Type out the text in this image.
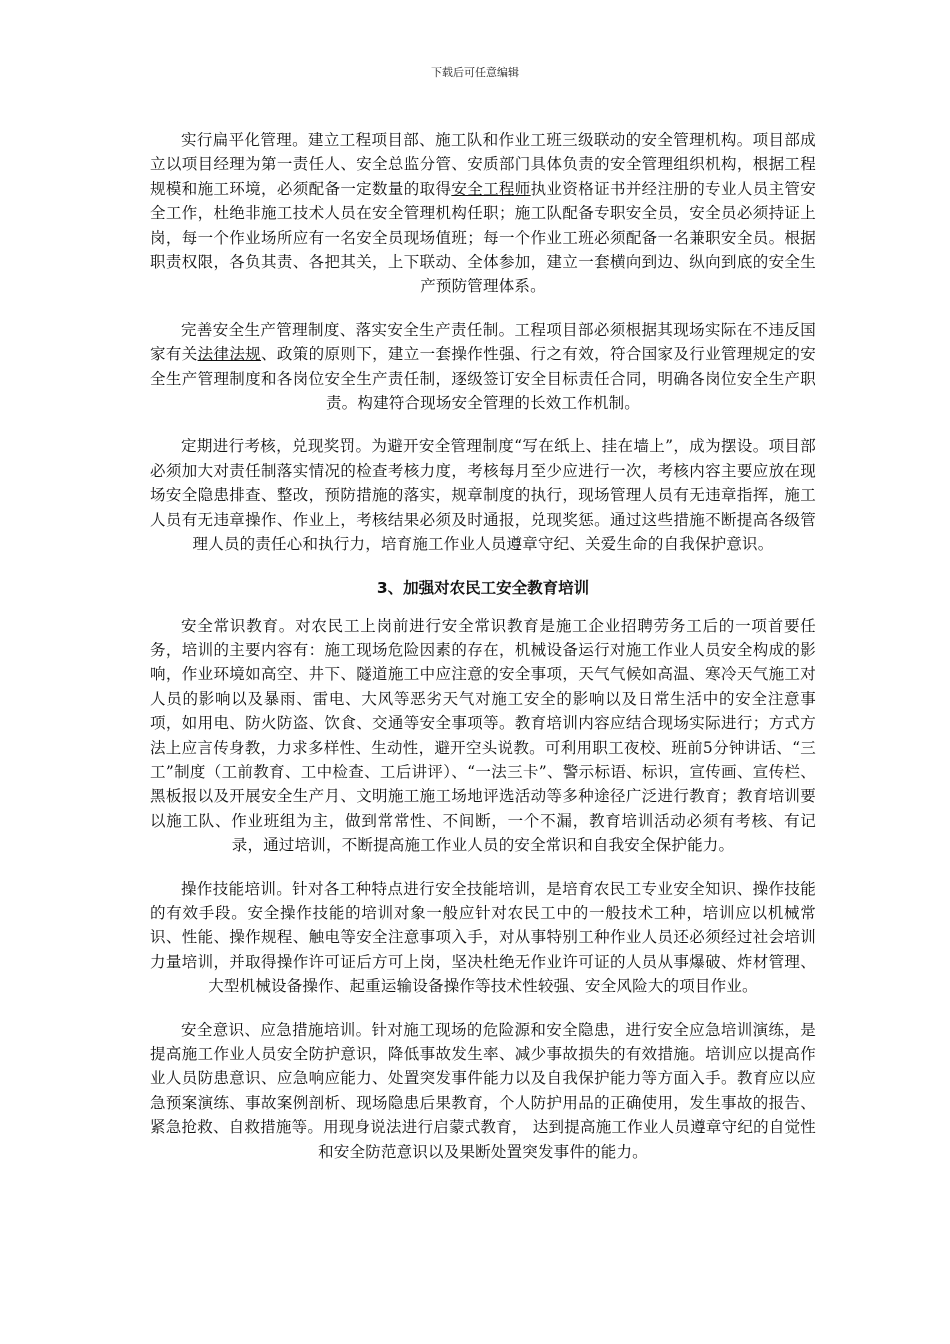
下载后可任意编辑

实行扁平化管理。建立工程项目部、施工队和作业工班三级联动的安全管理机构。项目部成立以项目经理为第一责任人、安全总监分管、安质部门具体负责的安全管理组织机构，根据工程规模和施工环境，必须配备一定数量的取得安全工程师执业资格证书并经注册的专业人员主管安全工作，杜绝非施工技术人员在安全管理机构任职；施工队配备专职安全员，安全员必须持证上岗，每一个作业场所应有一名安全员现场值班；每一个作业工班必须配备一名兼职安全员。根据职责权限，各负其责、各把其关，上下联动、全体参加，建立一套横向到边、纵向到底的安全生产预防管理体系。

完善安全生产管理制度、落实安全生产责任制。工程项目部必须根据其现场实际在不违反国家有关法律法规、政策的原则下，建立一套操作性强、行之有效，符合国家及行业管理规定的安全生产管理制度和各岗位安全生产责任制，逐级签订安全目标责任合同，明确各岗位安全生产职责。构建符合现场安全管理的长效工作机制。

定期进行考核，兑现奖罚。为避开安全管理制度“写在纸上、挂在墙上”，成为摆设。项目部必须加大对责任制落实情况的检查考核力度，考核每月至少应进行一次，考核内容主要应放在现场安全隐患排查、整改，预防措施的落实，规章制度的执行，现场管理人员有无违章指挥，施工人员有无违章操作、作业上，考核结果必须及时通报，兑现奖惩。通过这些措施不断提高各级管理人员的责任心和执行力，培育施工作业人员遵章守纪、关爱生命的自我保护意识。

3、加强对农民工安全教育培训

安全常识教育。对农民工上岗前进行安全常识教育是施工企业招聘劳务工后的一项首要任务，培训的主要内容有：施工现场危险因素的存在，机械设备运行对施工作业人员安全构成的影响，作业环境如高空、井下、隧道施工中应注意的安全事项，天气气候如高温、寒冷天气施工对人员的影响以及暴雨、雷电、大风等恶劣天气对施工安全的影响以及日常生活中的安全注意事项，如用电、防火防盗、饮食、交通等安全事项等。教育培训内容应结合现场实际进行；方式方法上应言传身教，力求多样性、生动性，避开空头说教。可利用职工夜校、班前5分钟讲话、“三工”制度（工前教育、工中检查、工后讲评）、“一法三卡”、警示标语、标识，宣传画、宣传栏、黑板报以及开展安全生产月、文明施工施工场地评选活动等多种途径广泛进行教育；教育培训要以施工队、作业班组为主，做到常常性、不间断，一个不漏，教育培训活动必须有考核、有记录，通过培训，不断提高施工作业人员的安全常识和自我安全保护能力。

操作技能培训。针对各工种特点进行安全技能培训，是培育农民工专业安全知识、操作技能的有效手段。安全操作技能的培训对象一般应针对农民工中的一般技术工种，培训应以机械常识、性能、操作规程、触电等安全注意事项入手，对从事特别工种作业人员还必须经过社会培训力量培训，并取得操作许可证后方可上岗，坚决杜绝无作业许可证的人员从事爆破、炸材管理、大型机械设备操作、起重运输设备操作等技术性较强、安全风险大的项目作业。

安全意识、应急措施培训。针对施工现场的危险源和安全隐患，进行安全应急培训演练，是提高施工作业人员安全防护意识，降低事故发生率、减少事故损失的有效措施。培训应以提高作业人员防患意识、应急响应能力、处置突发事件能力以及自我保护能力等方面入手。教育应以应急预案演练、事故案例剖析、现场隐患后果教育，个人防护用品的正确使用，发生事故的报告、紧急抢救、自救措施等。用现身说法进行启蒙式教育， 达到提高施工作业人员遵章守纪的自觉性和安全防范意识以及果断处置突发事件的能力。
